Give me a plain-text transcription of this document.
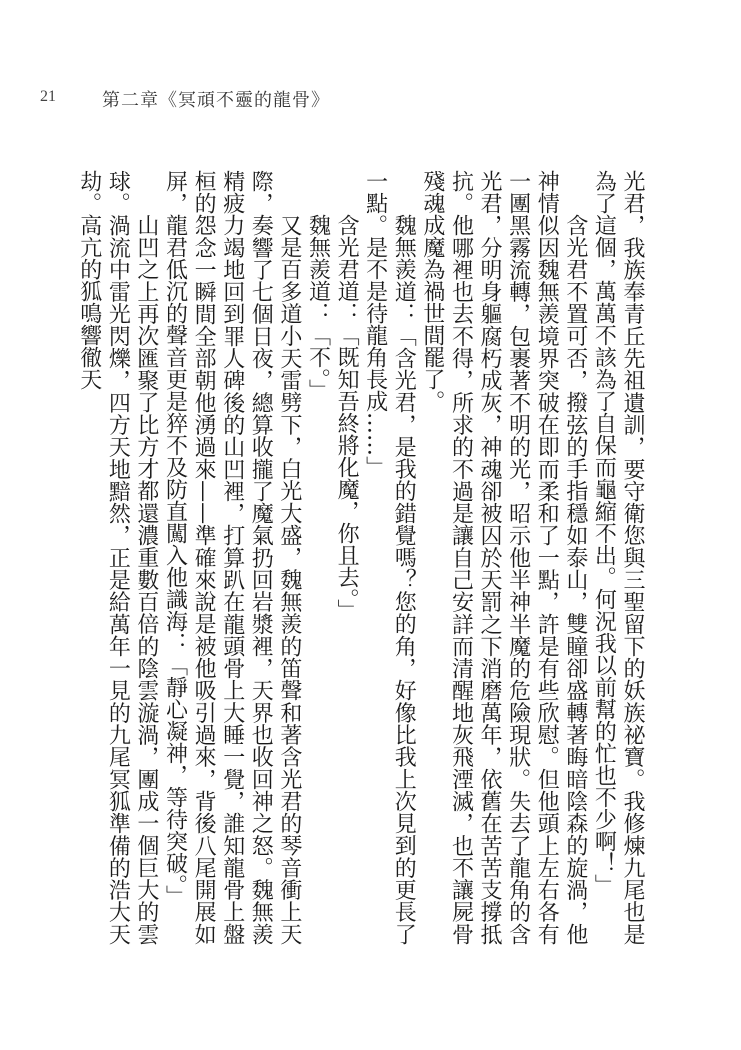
21	第二章《冥頑不靈的龍骨》

光君，我族奉青丘先祖遺訓，要守衛您與三聖留下的妖族祕寶。我修煉九尾也是為了這個，萬萬不該為了自保而龜縮不出。何況我以前幫的忙也不少啊！」

含光君不置可否，撥弦的手指穩如泰山，雙瞳卻盛轉著晦暗陰森的旋渦，他神情似因魏無羨境界突破在即而柔和了一點，許是有些欣慰。但他頭上左右各有一團黑霧流轉，包裹著不明的光，昭示他半神半魔的危險現狀。失去了龍角的含光君，分明身軀腐朽成灰，神魂卻被囚於天罰之下消磨萬年，依舊在苦苦支撐抵抗。他哪裡也去不得，所求的不過是讓自己安詳而清醒地灰飛湮滅，也不讓屍骨殘魂成魔為禍世間罷了。

魏無羨道：「含光君，是我的錯覺嗎？您的角，好像比我上次見到的更長了一點。是不是待龍角長成……」

含光君道：「既知吾終將化魔，你且去。」

魏無羨道：「不。」

又是百多道小天雷劈下，白光大盛，魏無羨的笛聲和著含光君的琴音衝上天際，奏響了七個日夜，總算收攏了魔氣扔回岩漿裡，天界也收回神之怒。魏無羨精疲力竭地回到罪人碑後的山凹裡，打算趴在龍頭骨上大睡一覺，誰知龍骨上盤桓的怨念一瞬間全部朝他湧過來——準確來說是被他吸引過來，背後八尾開展如屏，龍君低沉的聲音更是猝不及防直闖入他識海：「靜心凝神，等待突破。」

山凹之上再次匯聚了比方才都還濃重數百倍的陰雲漩渦，團成一個巨大的雲球。渦流中雷光閃爍，四方天地黯然，正是給萬年一見的九尾冥狐準備的浩大天劫。高亢的狐鳴響徹天
